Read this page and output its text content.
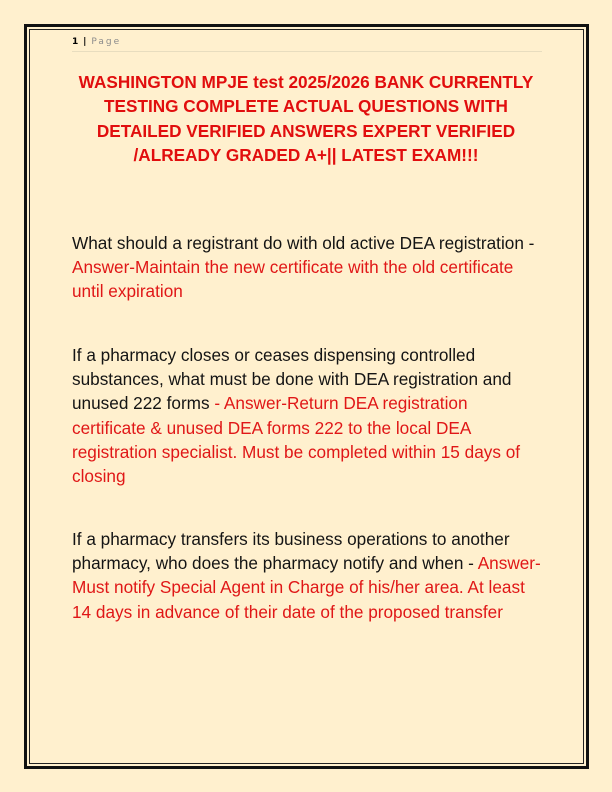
1 | Page
WASHINGTON MPJE test 2025/2026 BANK CURRENTLY TESTING COMPLETE ACTUAL QUESTIONS WITH DETAILED VERIFIED ANSWERS EXPERT VERIFIED /ALREADY GRADED A+|| LATEST EXAM!!!
What should a registrant do with old active DEA registration - Answer-Maintain the new certificate with the old certificate until expiration
If a pharmacy closes or ceases dispensing controlled substances, what must be done with DEA registration and unused 222 forms - Answer-Return DEA registration certificate & unused DEA forms 222 to the local DEA registration specialist. Must be completed within 15 days of closing
If a pharmacy transfers its business operations to another pharmacy, who does the pharmacy notify and when - Answer-Must notify Special Agent in Charge of his/her area. At least 14 days in advance of their date of the proposed transfer
